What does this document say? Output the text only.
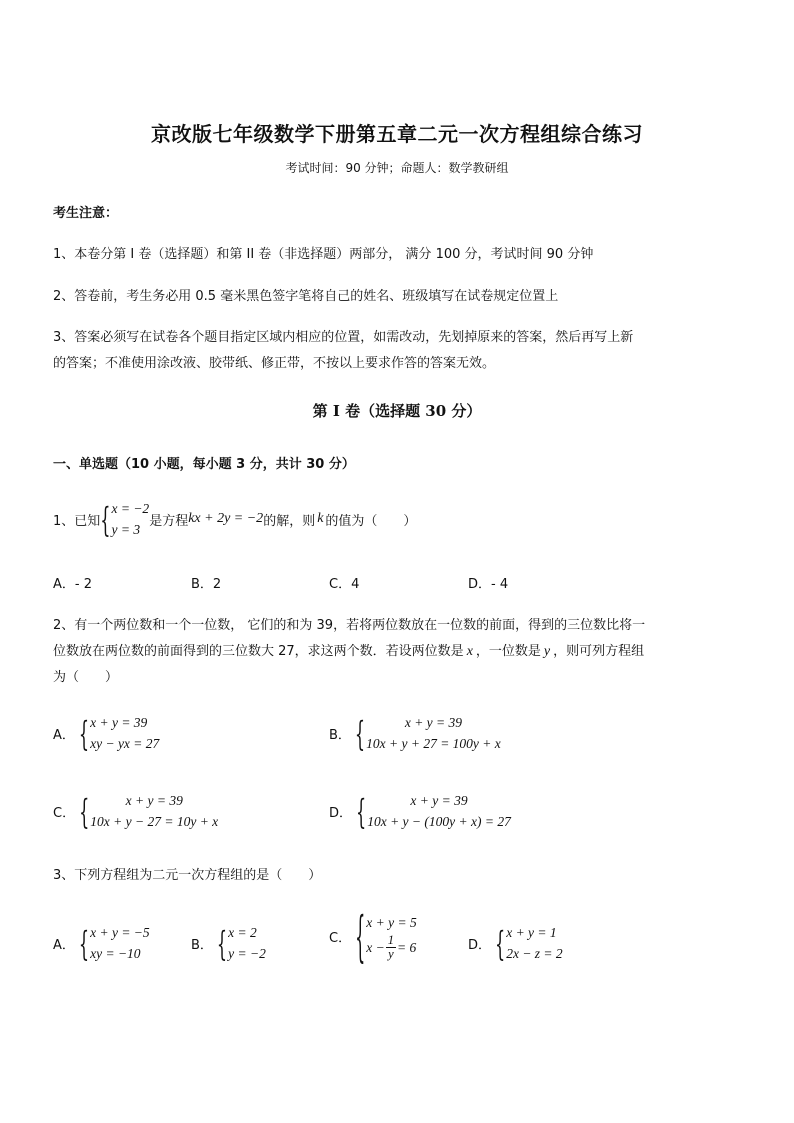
京改版七年级数学下册第五章二元一次方程组综合练习
考试时间：90 分钟；命题人：数学教研组
考生注意：
1、本卷分第 I 卷（选择题）和第 II 卷（非选择题）两部分， 满分 100 分，考试时间 90 分钟
2、答卷前，考生务必用 0.5 毫米黑色签字笔将自己的姓名、班级填写在试卷规定位置上
3、答案必须写在试卷各个题目指定区域内相应的位置，如需改动，先划掉原来的答案，然后再写上新
的答案；不准使用涂改液、胶带纸、修正带，不按以上要求作答的答案无效。
第 I 卷（选择题 30 分）
一、单选题（10 小题，每小题 3 分，共计 30 分）
1、已知 { x = −2
y = 3
是方程 kx + 2y = −2 的解，则 k 的值为（　　）
A．- 2	B．2	C．4	D．- 4
2、有一个两位数和一个一位数， 它们的和为 39，若将两位数放在一位数的前面，得到的三位数比将一
位数放在两位数的前面得到的三位数大 27，求这两个数．若设两位数是 x ，一位数是 y ，则可列方程组
为（　　）
A． { x + y = 39
xy − yx = 27
B． {	x + y = 39
10x + y + 27 = 100y + x
C． {	x + y = 39
10x + y − 27 = 10y + x
D． {	x + y = 39
10x + y − (100y + x) = 27
3、下列方程组为二元一次方程组的是（　　）
A． { x + y = −5
xy = −10
B． { x = 2
y = −2
C． { x + y = 5
$x - \frac{1}{y} = 6$	D． { x + y = 1
2x − z = 2
